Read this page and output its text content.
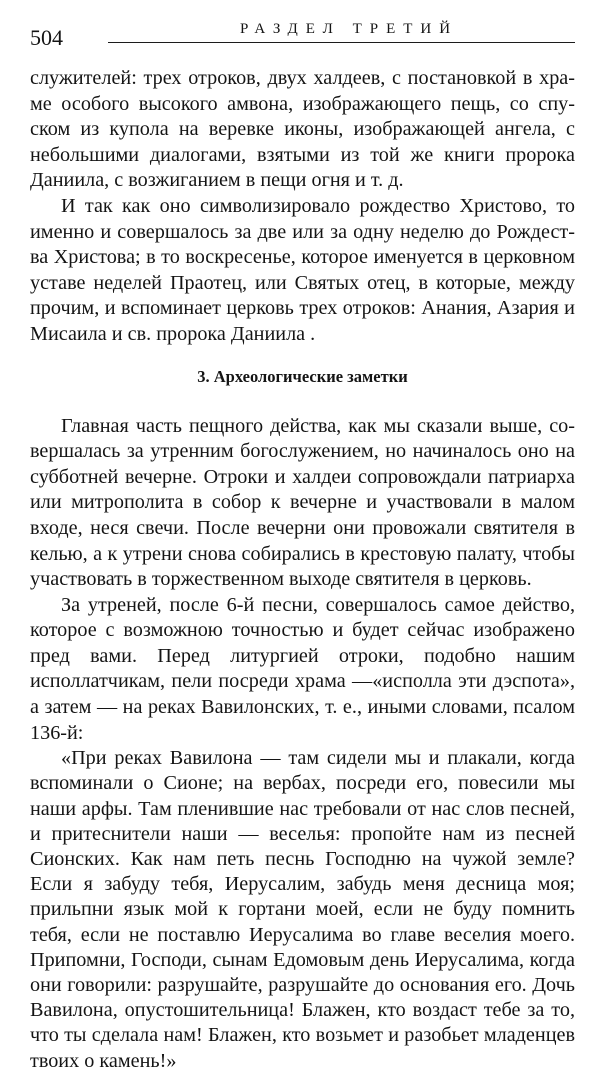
504	РАЗДЕЛ ТРЕТИЙ

служителей: трех отроков, двух халдеев, с постановкой в храме особого высокого амвона, изображающего пещь, со спуском из купола на веревке иконы, изображающей ангела, с небольшими диалогами, взятыми из той же книги пророка Даниила, с возжиганием в пещи огня и т. д.

И так как оно символизировало рождество Христово, то именно и совершалось за две или за одну неделю до Рождества Христова; в то воскресенье, которое именуется в церковном уставе неделей Праотец, или Святых отец, в которые, между прочим, и вспоминает церковь трех отроков: Анания, Азария и Мисаила и св. пророка Даниила .

3. Археологические заметки

Главная часть пещного действа, как мы сказали выше, совершалась за утренним богослужением, но начиналось оно на субботней вечерне. Отроки и халдеи сопровождали патриарха или митрополита в собор к вечерне и участвовали в малом входе, неся свечи. После вечерни они провожали святителя в келью, а к утрени снова собирались в крестовую палату, чтобы участвовать в торжественном выходе святителя в церковь.

За утреней, после 6-й песни, совершалось самое действо, которое с возможною точностью и будет сейчас изображено пред вами. Перед литургией отроки, подобно нашим исполлатчикам, пели посреди храма —«исполла эти дэспота», а затем — на реках Вавилонских, т. е., иными словами, псалом 136-й:

«При реках Вавилона — там сидели мы и плакали, когда вспоминали о Сионе; на вербах, посреди его, повесили мы наши арфы. Там пленившие нас требовали от нас слов песней, и притеснители наши — веселья: пропойте нам из песней Сионских. Как нам петь песнь Господню на чужой земле? Если я забуду тебя, Иерусалим, забудь меня десница моя; прильпни язык мой к гортани моей, если не буду помнить тебя, если не поставлю Иерусалима во главе веселия моего. Припомни, Господи, сынам Едомовым день Иерусалима, когда они говорили: разрушайте, разрушайте до основания его. Дочь Вавилона, опустошительница! Блажен, кто воздаст тебе за то, что ты сделала нам! Блажен, кто возьмет и разобьет младенцев твоих о камень!»
